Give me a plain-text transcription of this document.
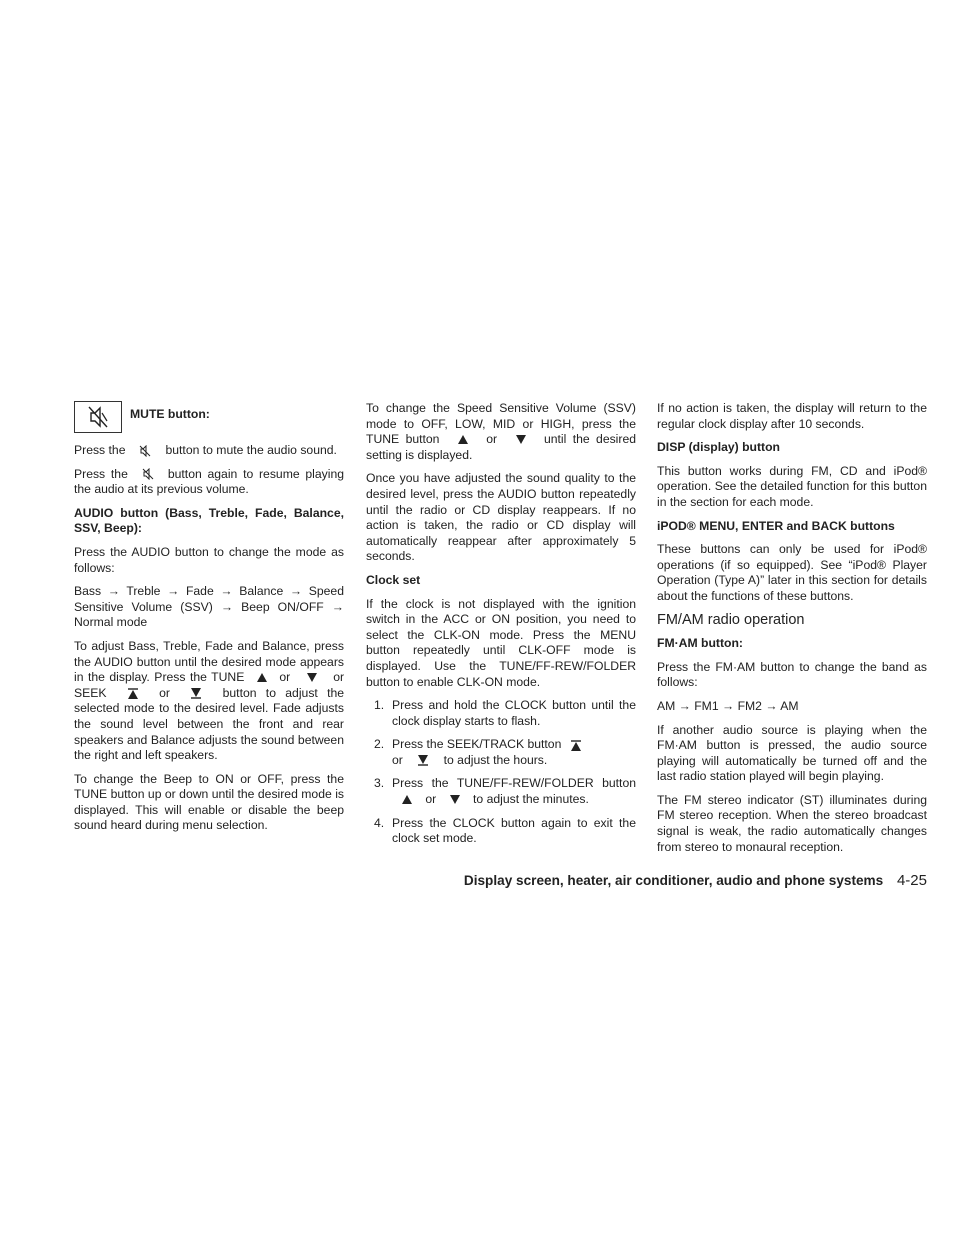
MUTE button:

Press the	button to mute the audio sound.

Press the	button again to resume playing the audio at its previous volume.

AUDIO button (Bass, Treble, Fade, Balance, SSV, Beep):

Press the AUDIO button to change the mode as follows:

Bass → Treble → Fade → Balance → Speed Sensitive Volume (SSV) → Beep ON/OFF → Normal mode

To adjust Bass, Treble, Fade and Balance, press the AUDIO button until the desired mode appears in the display. Press the TUNE	or	or SEEK	or	button to adjust the selected mode to the desired level. Fade adjusts the sound level between the front and rear speakers and Balance adjusts the sound between the right and left speakers.

To change the Beep to ON or OFF, press the TUNE button up or down until the desired mode is displayed. This will enable or disable the beep sound heard during menu selection.

To change the Speed Sensitive Volume (SSV) mode to OFF, LOW, MID or HIGH, press the TUNE button	or	until the desired setting is displayed.

Once you have adjusted the sound quality to the desired level, press the AUDIO button repeatedly until the radio or CD display reappears. If no action is taken, the radio or CD display will automatically reappear after approximately 5 seconds.

Clock set

If the clock is not displayed with the ignition switch in the ACC or ON position, you need to select the CLK-ON mode. Press the MENU button repeatedly until CLK-OFF mode is displayed. Use the TUNE/FF-REW/FOLDER button to enable CLK-ON mode.

1. Press and hold the CLOCK button until the clock display starts to flash.
2. Press the SEEK/TRACK button
or	to adjust the hours.
3. Press the TUNE/FF-REW/FOLDER button  or	to adjust the minutes.
4. Press the CLOCK button again to exit the clock set mode.

If no action is taken, the display will return to the regular clock display after 10 seconds.

DISP (display) button

This button works during FM, CD and iPod® operation. See the detailed function for this button in the section for each mode.

iPOD® MENU, ENTER and BACK buttons

These buttons can only be used for iPod® operations (if so equipped). See “iPod® Player Operation (Type A)” later in this section for details about the functions of these buttons.

FM/AM radio operation

FM·AM button:

Press the FM·AM button to change the band as follows:

AM → FM1 → FM2 → AM

If another audio source is playing when the FM·AM button is pressed, the audio source playing will automatically be turned off and the last radio station played will begin playing.

The FM stereo indicator (ST) illuminates during FM stereo reception. When the stereo broadcast signal is weak, the radio automatically changes from stereo to monaural reception.

Display screen, heater, air conditioner, audio and phone systems 4-25
